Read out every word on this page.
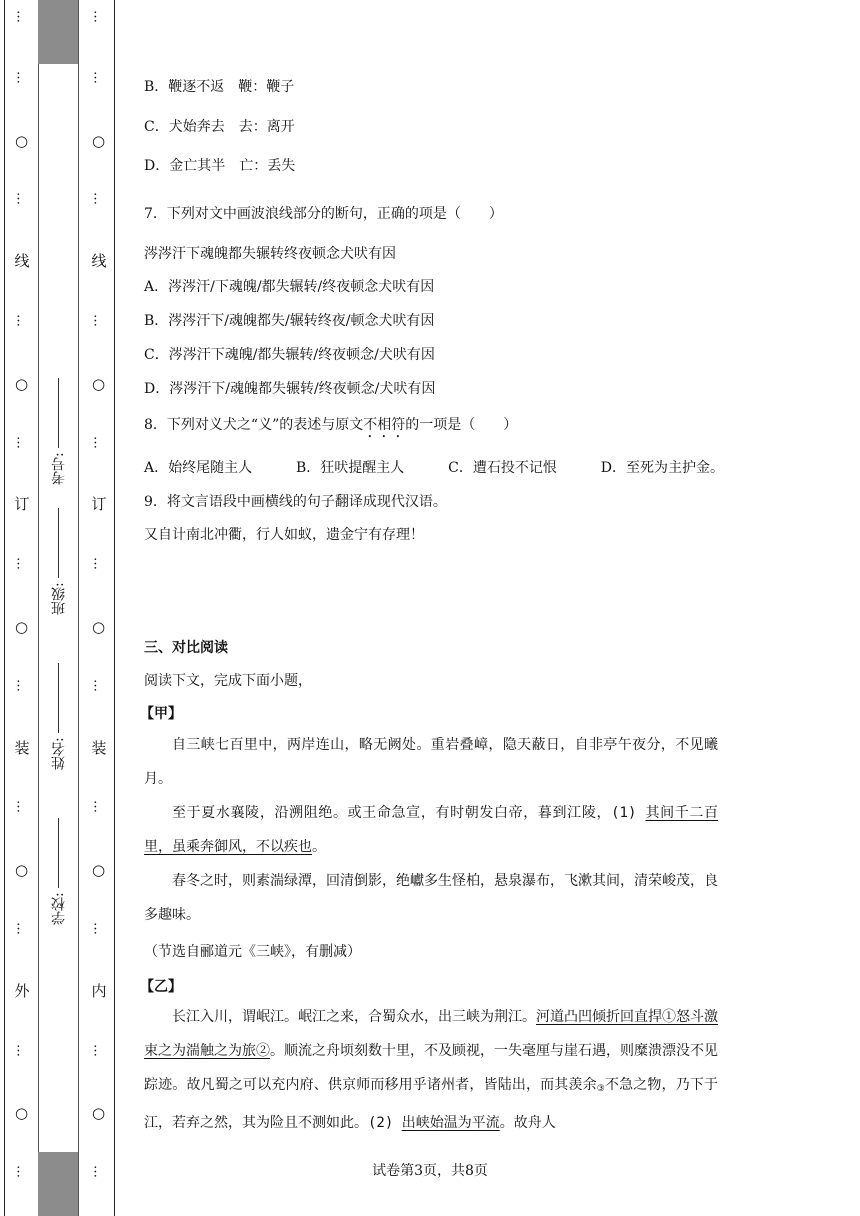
…
…
○
…
线
…
○
…
订
…
○
…
装
…
○
…
外
…
○
…
…
…
○
…
线
…
○
…
订
…
○
…
装
…
○
…
内
…
○
…
学校:
姓名:
班级:
考号:
B．鞭逐不返　鞭：鞭子
C．犬始奔去　去：离开
D．金亡其半　亡：丢失
7．下列对文中画波浪线部分的断句，正确的项是（　　）
涔涔汗下魂魄都失辗转终夜顿念犬吠有因
A．涔涔汗/下魂魄/都失辗转/终夜顿念犬吠有因
B．涔涔汗下/魂魄都失/辗转终夜/顿念犬吠有因
C．涔涔汗下魂魄/都失辗转/终夜顿念/犬吠有因
D．涔涔汗下/魂魄都失辗转/终夜顿念/犬吠有因
8．下列对义犬之“义”的表述与原文不相符的一项是（　　）
A．始终尾随主人	B．狂吠提醒主人	C．遭石投不记恨	D．至死为主护金。
9．将文言语段中画横线的句子翻译成现代汉语。
又自计南北冲衢，行人如蚁，遗金宁有存理！
三、对比阅读
阅读下文，完成下面小题，
【甲】
自三峡七百里中，两岸连山，略无阙处。重岩叠嶂，隐天蔽日，自非亭午夜分，不见曦月。
至于夏水襄陵，沿溯阻绝。或王命急宣，有时朝发白帝，暮到江陵，(1) 其间千二百里，虽乘奔御风，不以疾也。
春冬之时，则素湍绿潭，回清倒影，绝巘多生怪柏，悬泉瀑布，飞漱其间，清荣峻茂，良多趣味。
（节选自郦道元《三峡》，有删减）
【乙】
长江入川，谓岷江。岷江之来，合蜀众水，出三峡为荆江。河道凸凹倾折回直捍①怒斗激束之为湍触之为旅②。顺流之舟顷刻数十里，不及顾视，一失毫厘与崖石遇，则糜溃漂没不见踪迹。故凡蜀之可以充内府、供京师而移用乎诸州者，皆陆出，而其羡余$_③$不急之物，乃下于江，若弃之然，其为险且不测如此。(2) 出峡始温为平流。故舟人
试卷第3页，共8页
